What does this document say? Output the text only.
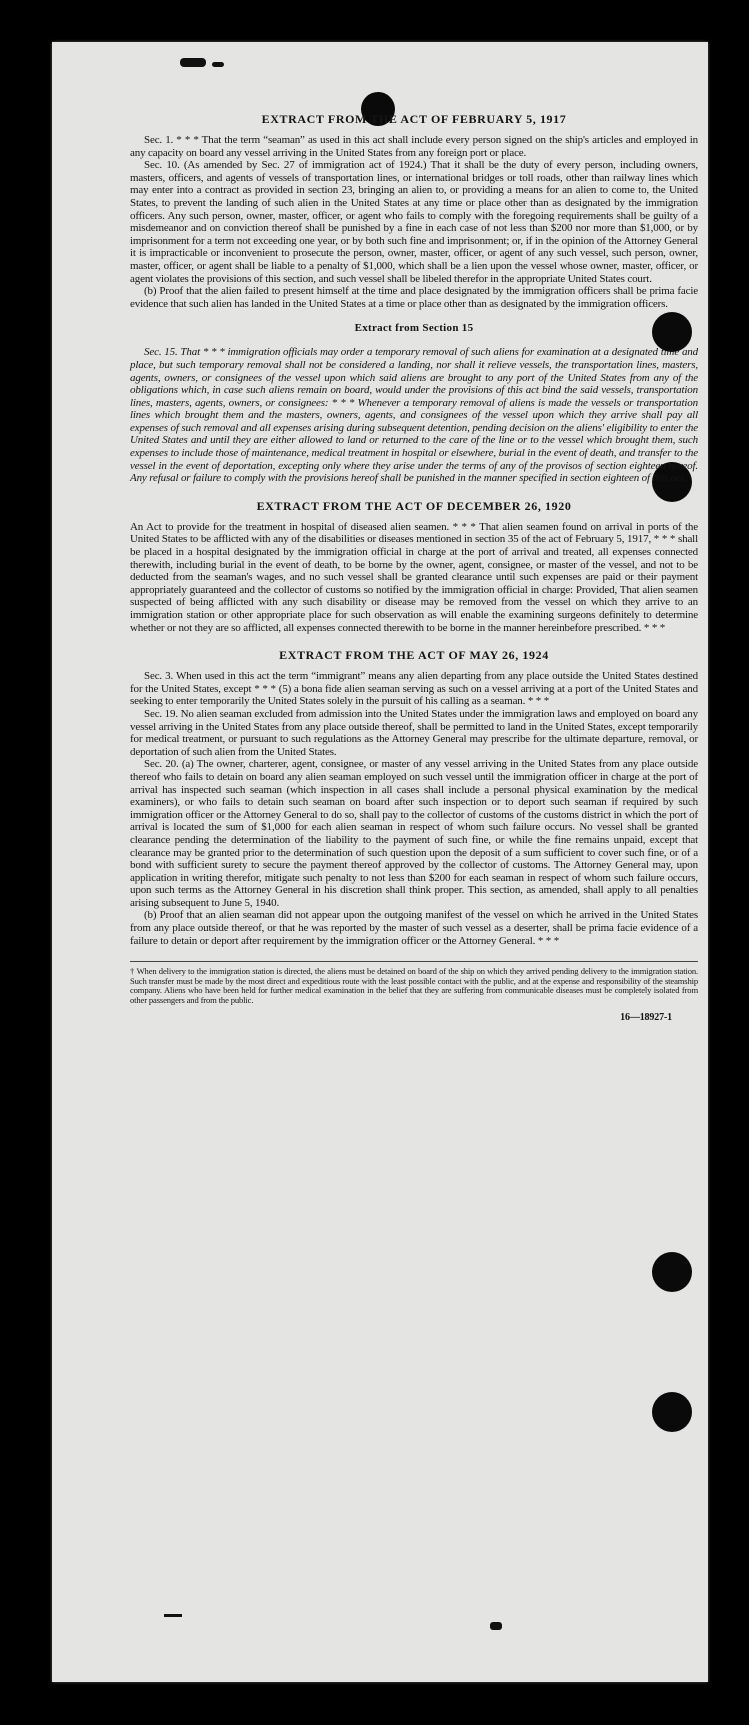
EXTRACT FROM THE ACT OF FEBRUARY 5, 1917

Sec. 1. * * * That the term “seaman” as used in this act shall include every person signed on the ship's articles and employed in any capacity on board any vessel arriving in the United States from any foreign port or place.

Sec. 10. (As amended by Sec. 27 of immigration act of 1924.) That it shall be the duty of every person, including owners, masters, officers, and agents of vessels of transportation lines, or international bridges or toll roads, other than railway lines which may enter into a contract as provided in section 23, bringing an alien to, or providing a means for an alien to come to, the United States, to prevent the landing of such alien in the United States at any time or place other than as designated by the immigration officers. Any such person, owner, master, officer, or agent who fails to comply with the foregoing requirements shall be guilty of a misdemeanor and on conviction thereof shall be punished by a fine in each case of not less than $200 nor more than $1,000, or by imprisonment for a term not exceeding one year, or by both such fine and imprisonment; or, if in the opinion of the Attorney General it is impracticable or inconvenient to prosecute the person, owner, master, officer, or agent of any such vessel, such person, owner, master, officer, or agent shall be liable to a penalty of $1,000, which shall be a lien upon the vessel whose owner, master, officer, or agent violates the provisions of this section, and such vessel shall be libeled therefor in the appropriate United States court.

(b) Proof that the alien failed to present himself at the time and place designated by the immigration officers shall be prima facie evidence that such alien has landed in the United States at a time or place other than as designated by the immigration officers.

Extract from Section 15

Sec. 15. That * * * immigration officials may order a temporary removal of such aliens for examination at a designated time and place, but such temporary removal shall not be considered a landing, nor shall it relieve vessels, the transportation lines, masters, agents, owners, or consignees of the vessel upon which said aliens are brought to any port of the United States from any of the obligations which, in case such aliens remain on board, would under the provisions of this act bind the said vessels, transportation lines, masters, agents, owners, or consignees: * * * Whenever a temporary removal of aliens is made the vessels or transportation lines which brought them and the masters, owners, agents, and consignees of the vessel upon which they arrive shall pay all expenses of such removal and all expenses arising during subsequent detention, pending decision on the aliens' eligibility to enter the United States and until they are either allowed to land or returned to the care of the line or to the vessel which brought them, such expenses to include those of maintenance, medical treatment in hospital or elsewhere, burial in the event of death, and transfer to the vessel in the event of deportation, excepting only where they arise under the terms of any of the provisos of section eighteen hereof. Any refusal or failure to comply with the provisions hereof shall be punished in the manner specified in section eighteen of this act.

EXTRACT FROM THE ACT OF DECEMBER 26, 1920

An Act to provide for the treatment in hospital of diseased alien seamen. * * * That alien seamen found on arrival in ports of the United States to be afflicted with any of the disabilities or diseases mentioned in section 35 of the act of February 5, 1917, * * * shall be placed in a hospital designated by the immigration official in charge at the port of arrival and treated, all expenses connected therewith, including burial in the event of death, to be borne by the owner, agent, consignee, or master of the vessel, and not to be deducted from the seaman's wages, and no such vessel shall be granted clearance until such expenses are paid or their payment appropriately guaranteed and the collector of customs so notified by the immigration official in charge: Provided, That alien seamen suspected of being afflicted with any such disability or disease may be removed from the vessel on which they arrive to an immigration station or other appropriate place for such observation as will enable the examining surgeons definitely to determine whether or not they are so afflicted, all expenses connected therewith to be borne in the manner hereinbefore prescribed. * * *

EXTRACT FROM THE ACT OF MAY 26, 1924

Sec. 3. When used in this act the term “immigrant” means any alien departing from any place outside the United States destined for the United States, except * * * (5) a bona fide alien seaman serving as such on a vessel arriving at a port of the United States and seeking to enter temporarily the United States solely in the pursuit of his calling as a seaman. * * *

Sec. 19. No alien seaman excluded from admission into the United States under the immigration laws and employed on board any vessel arriving in the United States from any place outside thereof, shall be permitted to land in the United States, except temporarily for medical treatment, or pursuant to such regulations as the Attorney General may prescribe for the ultimate departure, removal, or deportation of such alien from the United States.

Sec. 20. (a) The owner, charterer, agent, consignee, or master of any vessel arriving in the United States from any place outside thereof who fails to detain on board any alien seaman employed on such vessel until the immigration officer in charge at the port of arrival has inspected such seaman (which inspection in all cases shall include a personal physical examination by the medical examiners), or who fails to detain such seaman on board after such inspection or to deport such seaman if required by such immigration officer or the Attorney General to do so, shall pay to the collector of customs of the customs district in which the port of arrival is located the sum of $1,000 for each alien seaman in respect of whom such failure occurs. No vessel shall be granted clearance pending the determination of the liability to the payment of such fine, or while the fine remains unpaid, except that clearance may be granted prior to the determination of such question upon the deposit of a sum sufficient to cover such fine, or of a bond with sufficient surety to secure the payment thereof approved by the collector of customs. The Attorney General may, upon application in writing therefor, mitigate such penalty to not less than $200 for each seaman in respect of whom such failure occurs, upon such terms as the Attorney General in his discretion shall think proper. This section, as amended, shall apply to all penalties arising subsequent to June 5, 1940.

(b) Proof that an alien seaman did not appear upon the outgoing manifest of the vessel on which he arrived in the United States from any place outside thereof, or that he was reported by the master of such vessel as a deserter, shall be prima facie evidence of a failure to detain or deport after requirement by the immigration officer or the Attorney General. * * *

† When delivery to the immigration station is directed, the aliens must be detained on board of the ship on which they arrived pending delivery to the immigration station. Such transfer must be made by the most direct and expeditious route with the least possible contact with the public, and at the expense and responsibility of the steamship company. Aliens who have been held for further medical examination in the belief that they are suffering from communicable diseases must be completely isolated from other passengers and from the public.
16—18927-1
